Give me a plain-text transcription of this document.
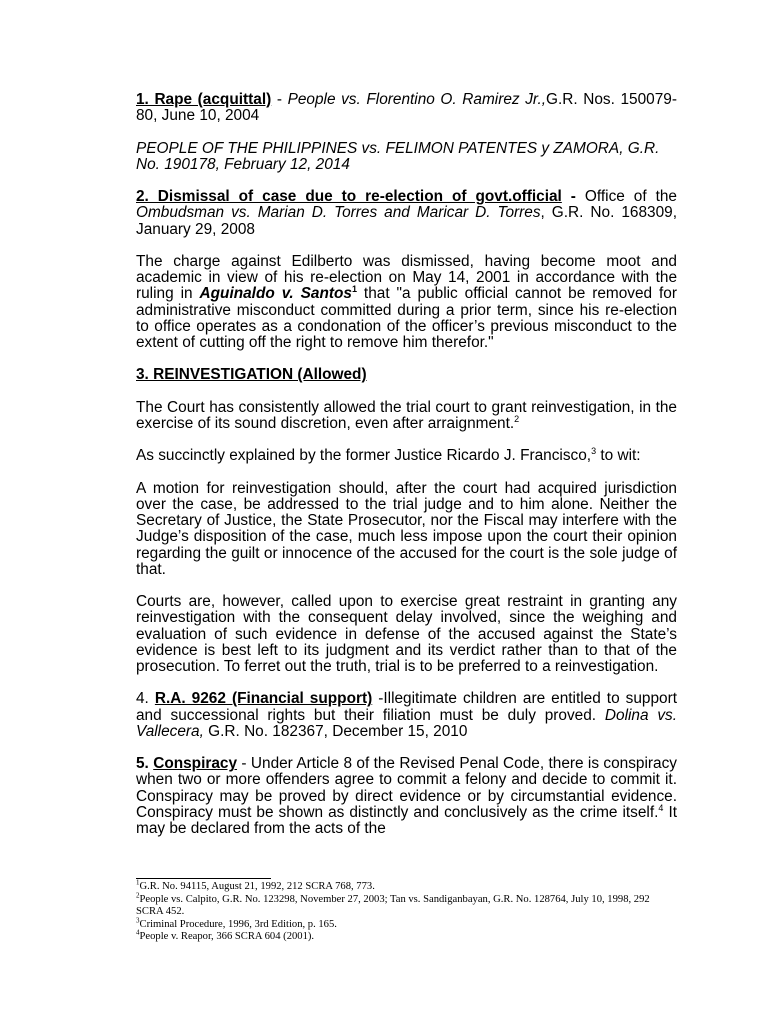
1. Rape (acquittal) - People vs. Florentino O. Ramirez Jr.,G.R. Nos. 150079-80, June 10, 2004

PEOPLE OF THE PHILIPPINES vs. FELIMON PATENTES y ZAMORA, G.R. No. 190178, February 12, 2014

2. Dismissal of case due to re-election of govt.official - Office of the Ombudsman vs. Marian D. Torres and Maricar D. Torres, G.R. No. 168309, January 29, 2008

The charge against Edilberto was dismissed, having become moot and academic in view of his re-election on May 14, 2001 in accordance with the ruling in Aguinaldo v. Santos$^1$ that "a public official cannot be removed for administrative misconduct committed during a prior term, since his re-election to office operates as a condonation of the officer’s previous misconduct to the extent of cutting off the right to remove him therefor."

3. REINVESTIGATION (Allowed)

The Court has consistently allowed the trial court to grant reinvestigation, in the exercise of its sound discretion, even after arraignment.$^2$

As succinctly explained by the former Justice Ricardo J. Francisco,$^3$ to wit:

A motion for reinvestigation should, after the court had acquired jurisdiction over the case, be addressed to the trial judge and to him alone. Neither the Secretary of Justice, the State Prosecutor, nor the Fiscal may interfere with the Judge’s disposition of the case, much less impose upon the court their opinion regarding the guilt or innocence of the accused for the court is the sole judge of that.

Courts are, however, called upon to exercise great restraint in granting any reinvestigation with the consequent delay involved, since the weighing and evaluation of such evidence in defense of the accused against the State’s evidence is best left to its judgment and its verdict rather than to that of the prosecution. To ferret out the truth, trial is to be preferred to a reinvestigation.

4. R.A. 9262 (Financial support) -Illegitimate children are entitled to support and successional rights but their filiation must be duly proved. Dolina vs. Vallecera, G.R. No. 182367, December 15, 2010

5. Conspiracy - Under Article 8 of the Revised Penal Code, there is conspiracy when two or more offenders agree to commit a felony and decide to commit it. Conspiracy may be proved by direct evidence or by circumstantial evidence. Conspiracy must be shown as distinctly and conclusively as the crime itself.$^4$ It may be declared from the acts of the

$^1$G.R. No. 94115, August 21, 1992, 212 SCRA 768, 773.
$^2$People vs. Calpito, G.R. No. 123298, November 27, 2003; Tan vs. Sandiganbayan, G.R. No. 128764, July 10, 1998, 292 SCRA 452.
$^3$Criminal Procedure, 1996, 3rd Edition, p. 165.
$^4$People v. Reapor, 366 SCRA 604 (2001).
